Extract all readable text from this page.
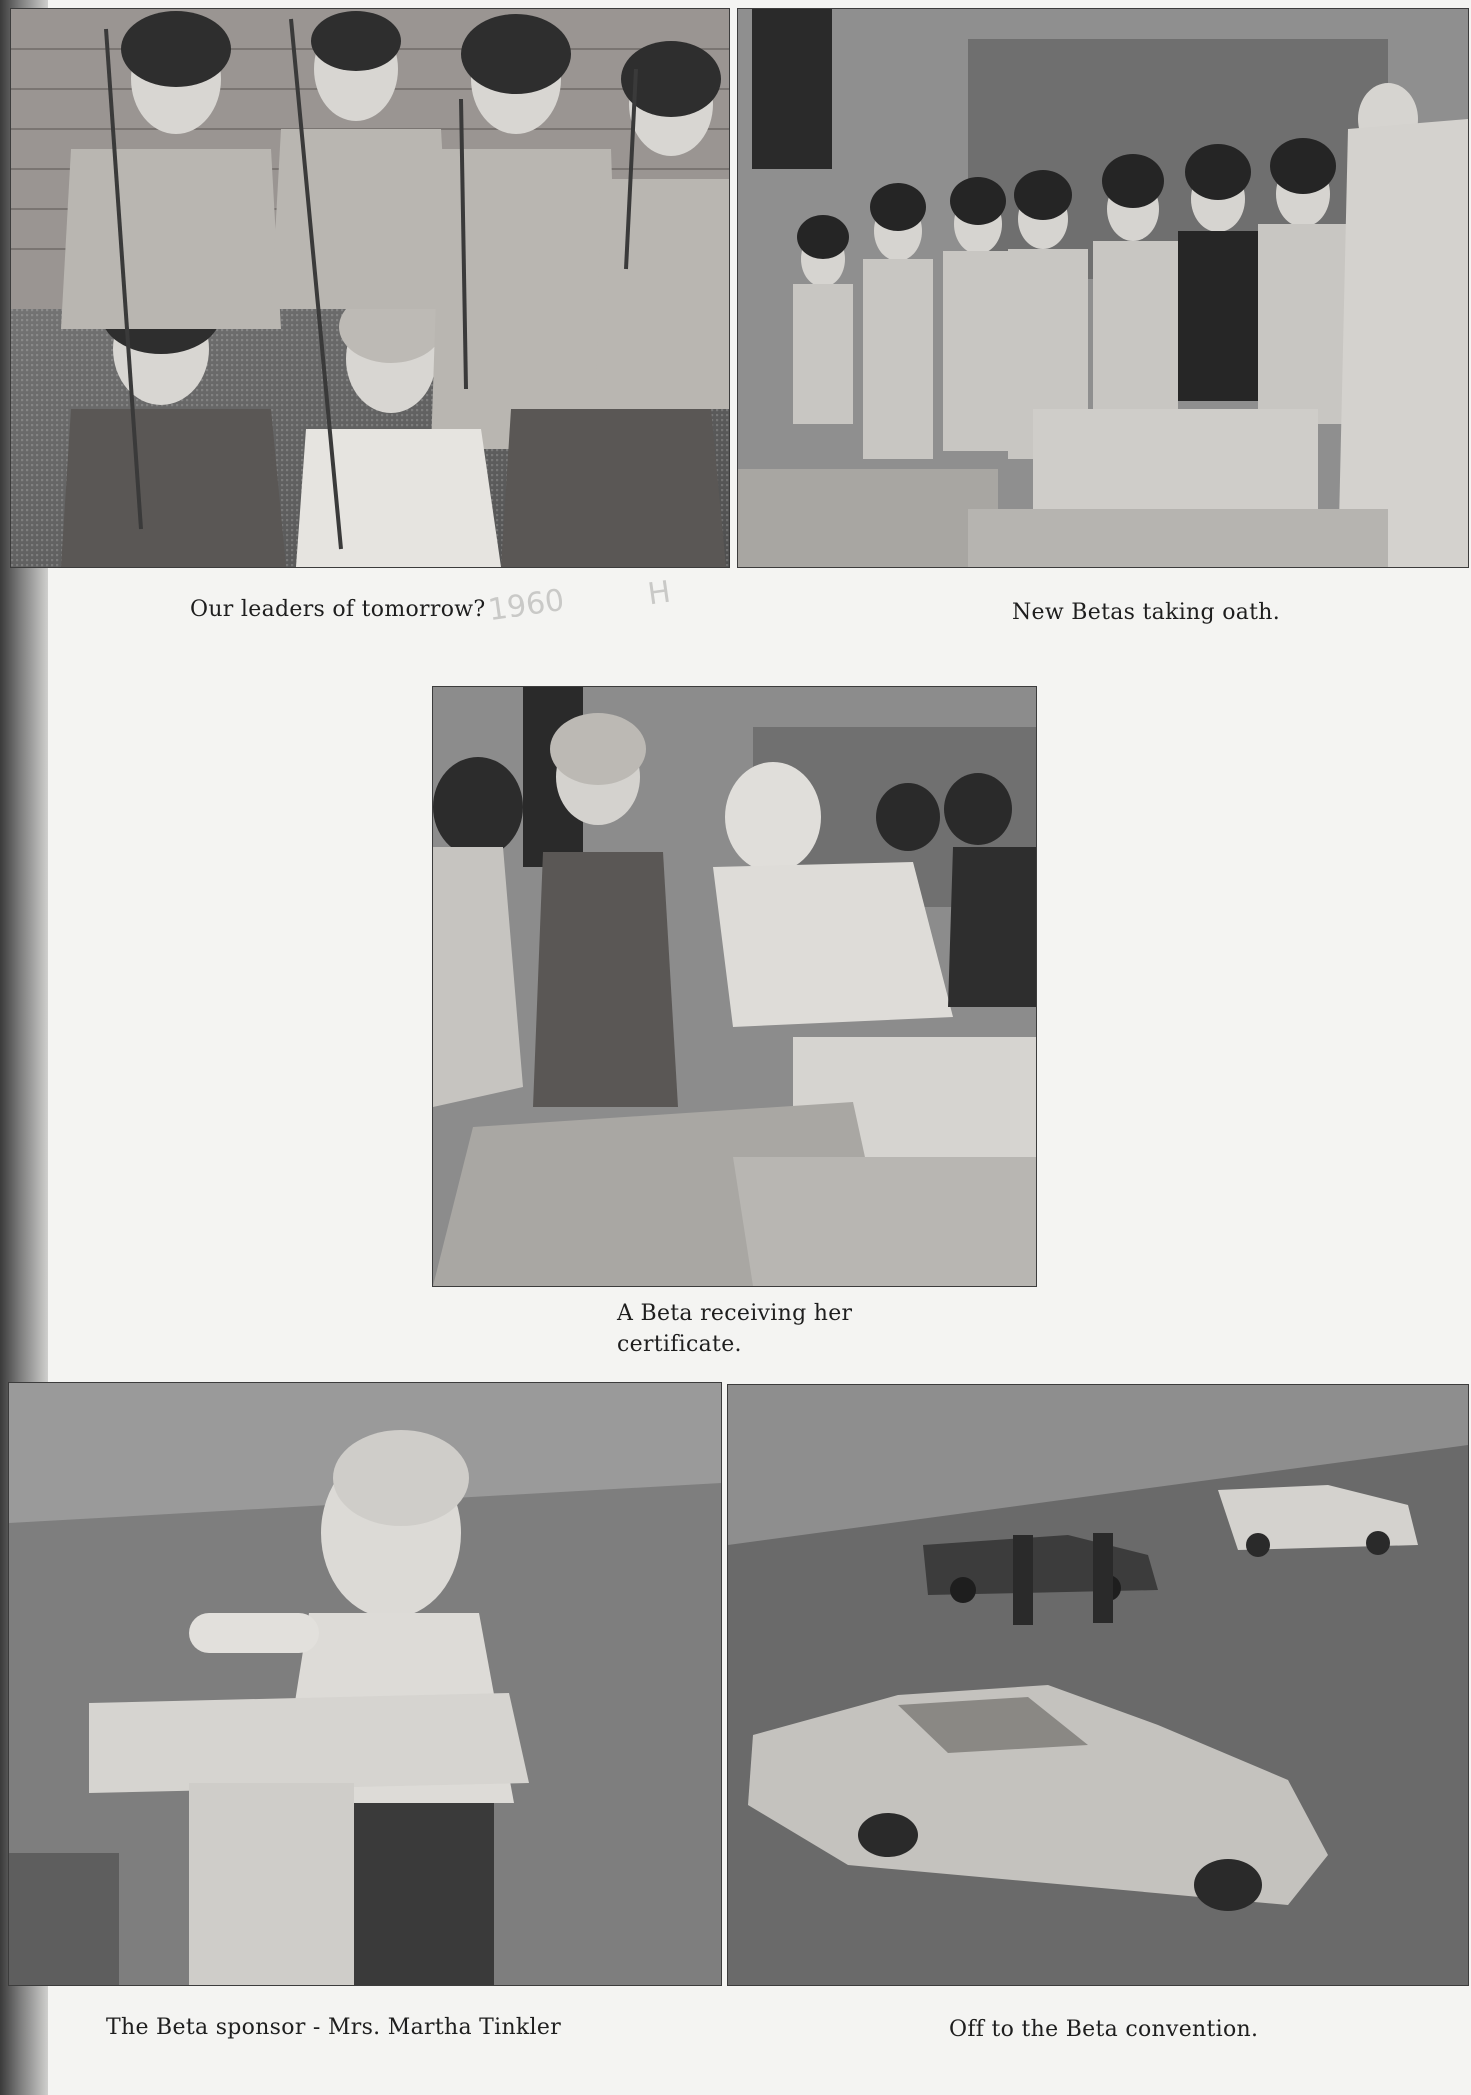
Our leaders of tomorrow? 1960	H
New Betas taking oath.
A Beta receiving her
certificate.
The Beta sponsor - Mrs. Martha Tinkler	Off to the Beta convention.
